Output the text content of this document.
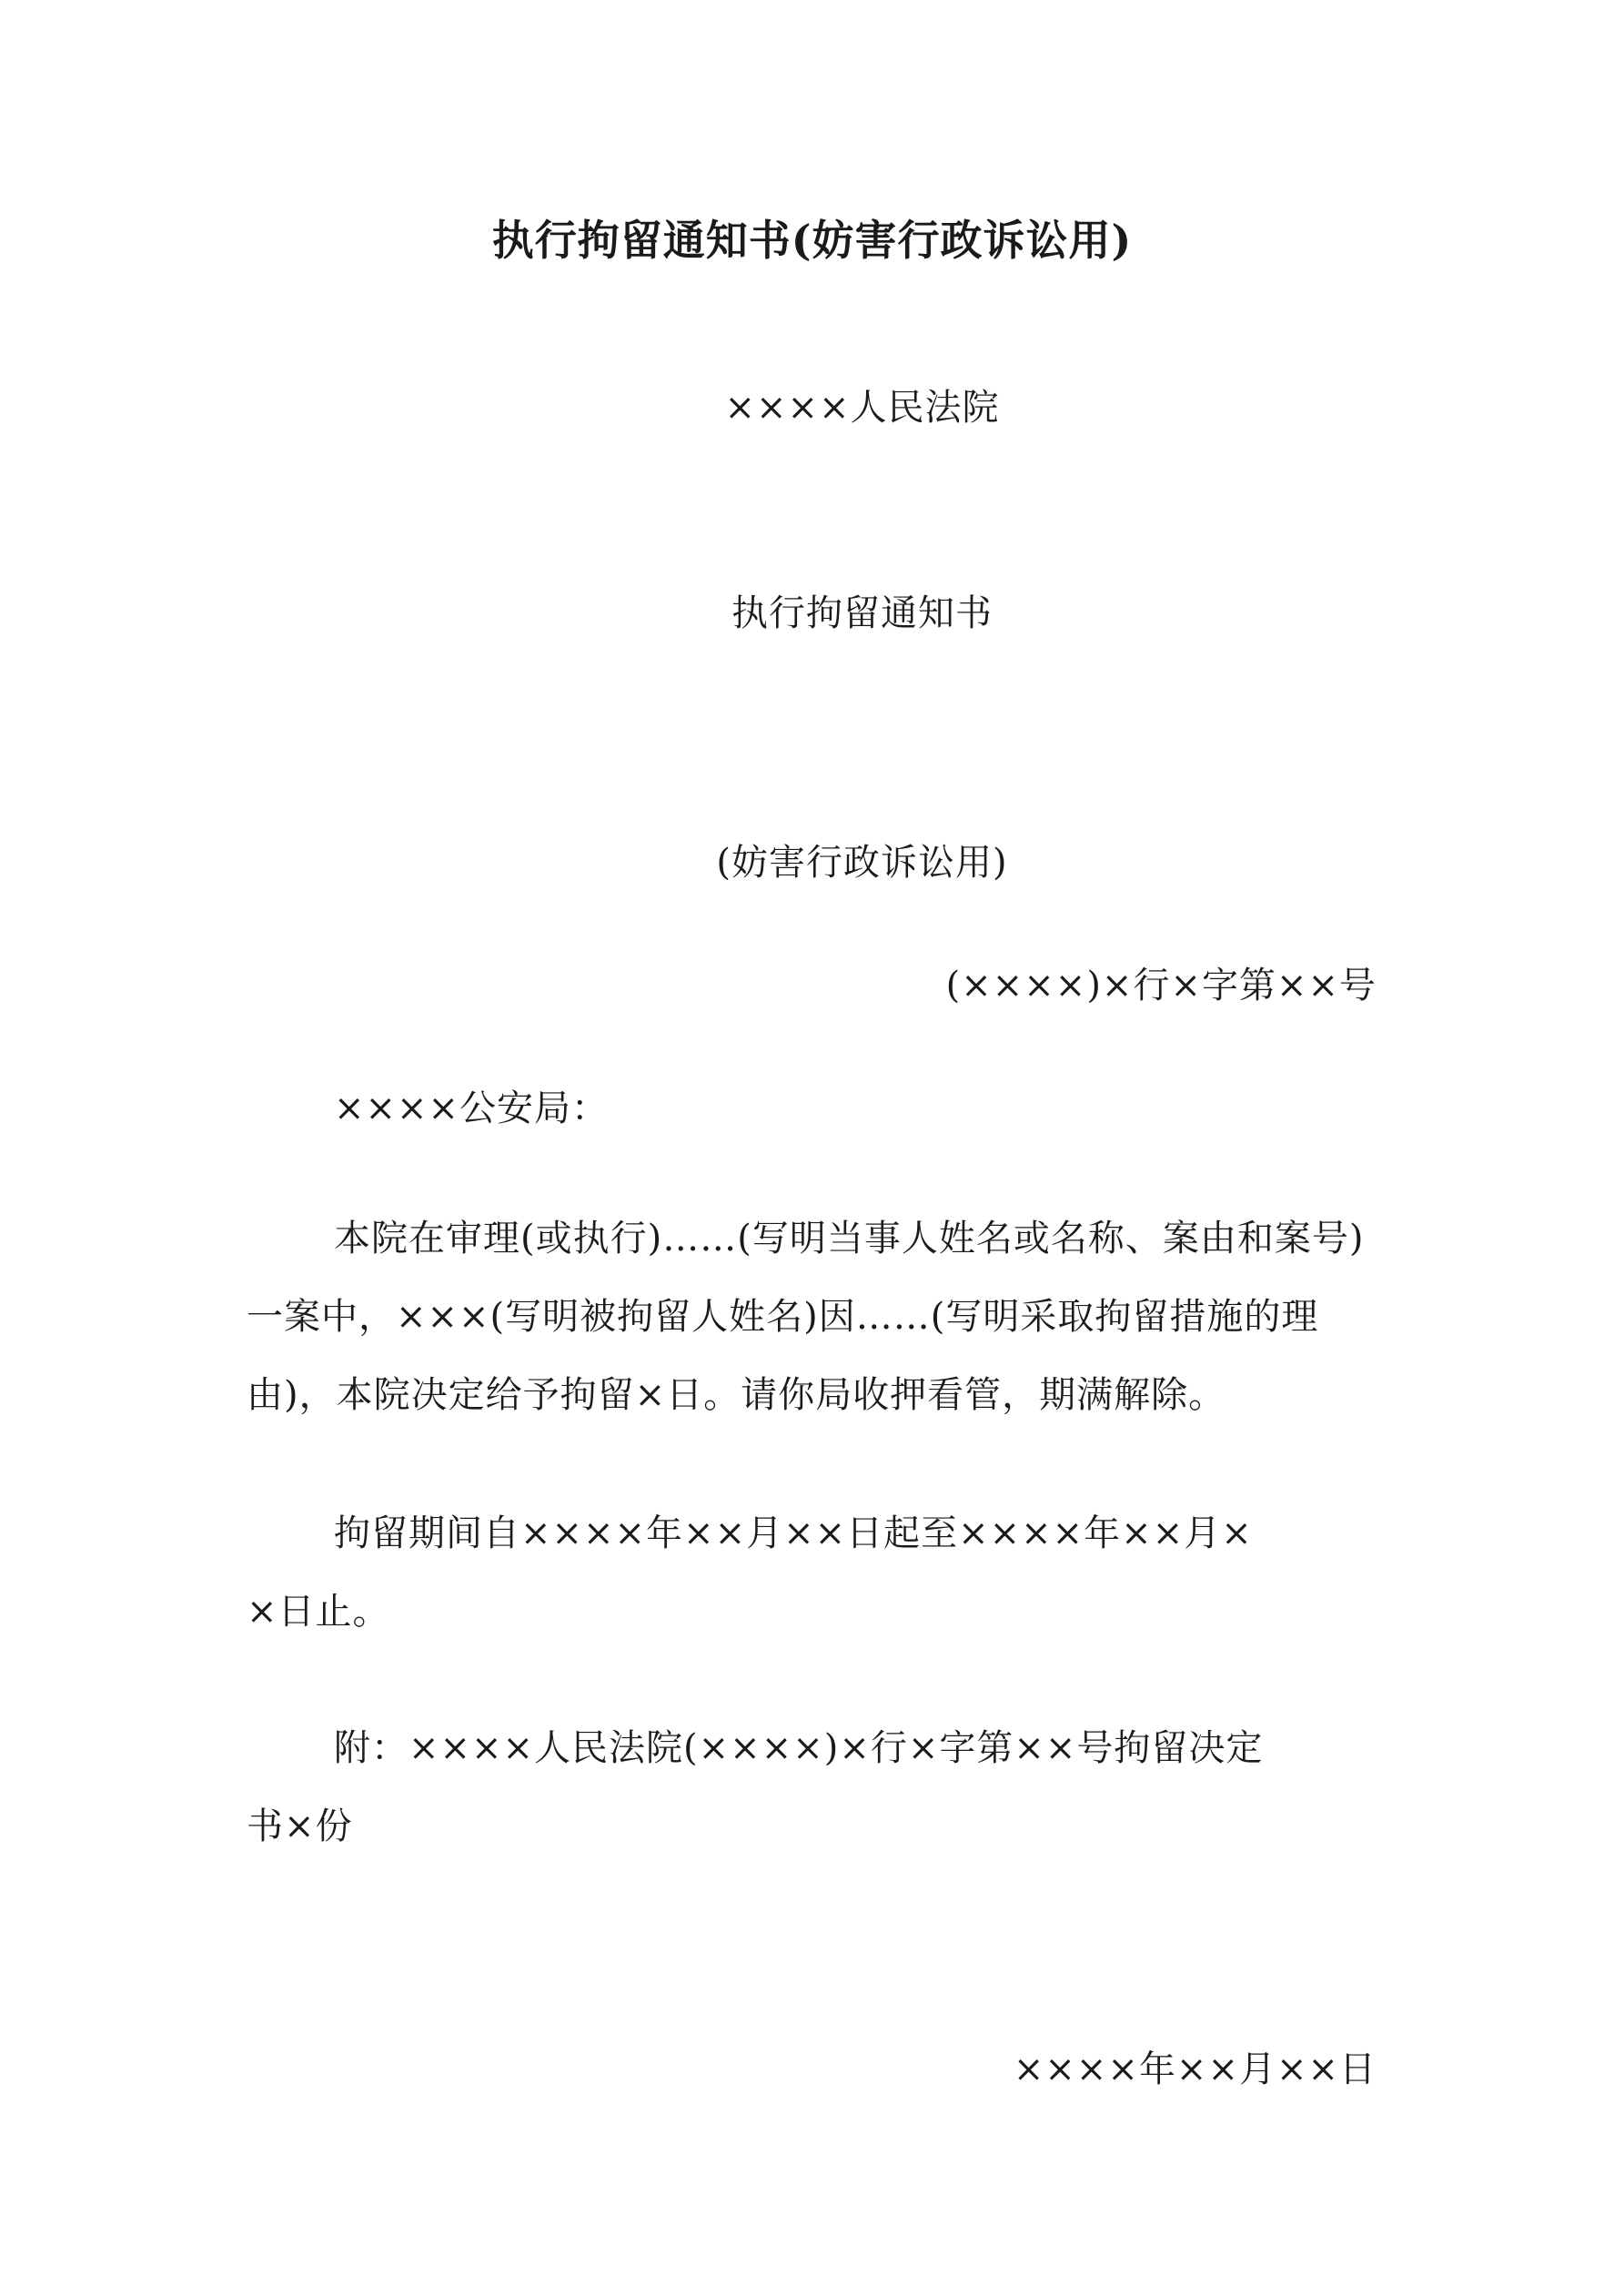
执行拘留通知书(妨害行政诉讼用)
××××人民法院
执行拘留通知书
(妨害行政诉讼用)
(××××)×行×字第××号
××××公安局：
本院在审理(或执行)……(写明当事人姓名或名称、案由和案号)
一案中，×××(写明被拘留人姓名)因……(写明采取拘留措施的理
由)，本院决定给予拘留×日。请你局收押看管，期满解除。
拘留期间自××××年××月××日起至××××年××月×
×日止。
附：××××人民法院(××××)×行×字第××号拘留决定
书×份
××××年××月××日
